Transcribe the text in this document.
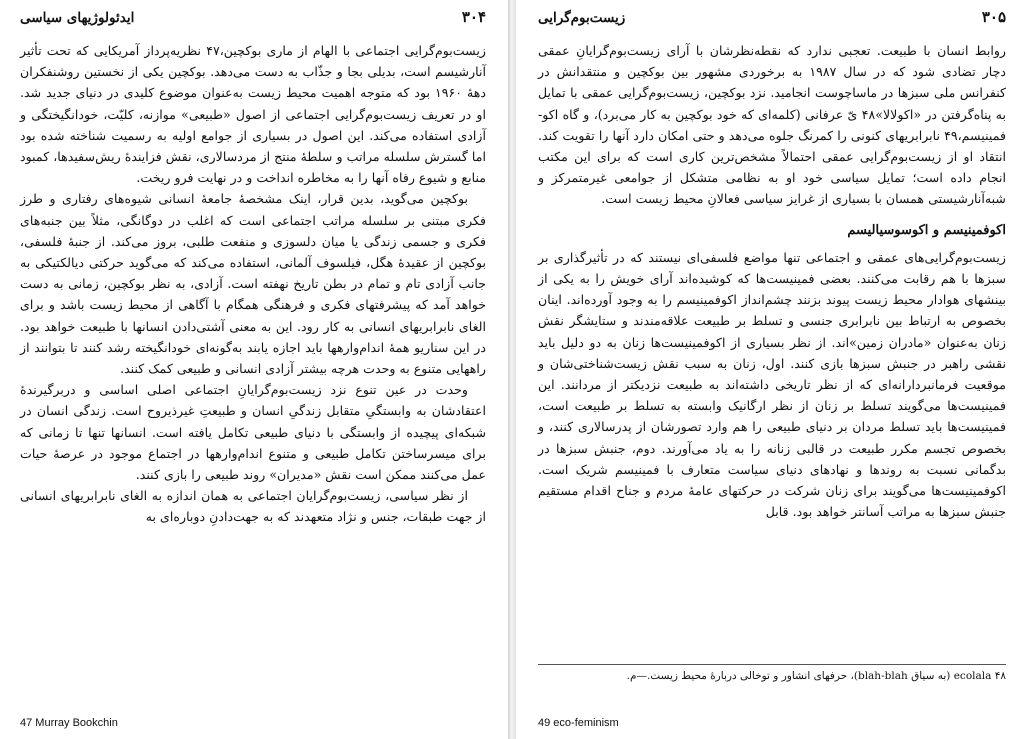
۳۰۴
ایدئولوژیهای سیاسی

زیست‌بوم‌گرایی اجتماعی با الهام از ماری بوکچین،۴۷ نظریه‌پرداز آمریکایی که تحت تأثیر آنارشیسم است، بدیلی بجا و جذّاب به دست می‌دهد. بوکچین یکی از نخستین روشنفکران دههٔ ۱۹۶۰ بود که متوجه اهمیت محیط زیست به‌عنوان موضوع کلیدی در دنیای جدید شد. او در تعریف زیست‌بوم‌گرایی اجتماعی از اصول «طبیعی» موازنه، کلیّت، خودانگیختگی و آزادی استفاده می‌کند. این اصول در بسیاری از جوامع اولیه به رسمیت شناخته شده بود اما گسترش سلسله مراتب و سلطهٔ منتج از مردسالاری، نقش فزایندهٔ ریش‌سفیدها، کمبود منابع و شیوع رفاه آنها را به مخاطره انداخت و در نهایت فرو ریخت.

بوکچین می‌گوید، بدین قرار، اینک مشخصهٔ جامعهٔ انسانی شیوه‌های رفتاری و طرز فکری مبتنی بر سلسله مراتب اجتماعی است که اغلب در دوگانگی، مثلاً بین جنبه‌های فکری و جسمی زندگی یا میان دلسوزی و منفعت طلبی، بروز می‌کند. از جنبهٔ فلسفی، بوکچین از عقیدهٔ هگل، فیلسوف آلمانی، استفاده می‌کند که می‌گوید حرکتی دیالکتیکی به جانب آزادی تام و تمام در بطن تاریخ نهفته است. آزادی، به نظر بوکچین، زمانی به دست خواهد آمد که پیشرفتهای فکری و فرهنگی همگام با آگاهی از محیط زیست باشد و برای الغای نابرابریهای انسانی به کار رود. این به معنی آشتی‌دادن انسانها با طبیعت خواهد بود. در این سناریو همهٔ اندام‌وارهها باید اجازه یابند به‌گونه‌ای خودانگیخته رشد کنند تا بتوانند از راههایی متنوع به وحدت هرچه بیشتر آزادی انسانی و طبیعی کمک کنند.

وحدت در عین تنوع نزد زیست‌بوم‌گرایانِ اجتماعی اصلی اساسی و دربرگیرندهٔ اعتقادشان به وابستگیِ متقابل زندگیِ انسان و طبیعتِ غیرذیروح است. زندگی انسان در شبکه‌ای پیچیده از وابستگی با دنیای طبیعی تکامل یافته است. انسانها تنها تا زمانی که برای میسرساختن تکامل طبیعی و متنوع اندام‌وارهها در اجتماع موجود در عرصهٔ حیات عمل می‌کنند ممکن است نقش «مدیران» روند طبیعی را بازی کنند.

از نظر سیاسی، زیست‌بوم‌گرایان اجتماعی به همان اندازه به الغای نابرابریهای انسانی از جهت طبقات، جنس و نژاد متعهدند که به جهت‌دادنِ دوباره‌ای به

47 Murray Bookchin
۳۰۵
زیست‌بوم‌گرایی

روابط انسان با طبیعت. تعجبی ندارد که نقطه‌نظرشان با آرای زیست‌بوم‌گرایانِ عمقی دچار تضادی شود که در سال ۱۹۸۷ به برخوردی مشهور بین بوکچین و منتقدانش در کنفرانس ملی سبزها در ماساچوست انجامید. نزد بوکچین، زیست‌بوم‌گرایی عمقی با تمایل به پناه‌گرفتن در «اکولالا»۴۸ یّ عرفانی (کلمه‌ای که خود بوکچین به کار می‌برد)، و گاه اکو-فمینیسم،۴۹ نابرابریهای کنونی را کمرنگ جلوه می‌دهد و حتی امکان دارد آنها را تقویت کند. انتقاد او از زیست‌بوم‌گرایی عمقی احتمالاً مشخص‌ترین کاری است که برای این مکتب انجام داده است؛ تمایل سیاسی خود او به نظامی متشکل از جوامعی غیرمتمرکز و شبه‌آنارشیستی همسان با بسیاری از غرایز سیاسی فعالانِ محیط زیست است.

اکوفمینیسم و اکوسوسیالیسم

زیست‌بوم‌گرایی‌های عمقی و اجتماعی تنها مواضع فلسفی‌ای نیستند که در تأثیرگذاری بر سبزها با هم رقابت می‌کنند. بعضی فمینیست‌ها که کوشیده‌اند آرای خویش را به یکی از بینشهای هوادار محیط زیست پیوند بزنند چشم‌انداز اکوفمینیسم را به وجود آورده‌اند. اینان بخصوص به ارتباط بین نابرابری جنسی و تسلط بر طبیعت علاقه‌مندند و ستایشگر نقش زنان به‌عنوان «مادران زمین»اند. از نظر بسیاری از اکوفمینیست‌ها زنان به دو دلیل باید نقشی راهبر در جنبش سبزها بازی کنند. اول، زنان به سبب نقش زیست‌شناختی‌شان و موقعیت فرمانبردارانه‌ای که از نظر تاریخی داشته‌اند به طبیعت نزدیکتر از مردانند. این فمینیست‌ها می‌گویند تسلط بر زنان از نظر ارگانیک وابسته به تسلط بر طبیعت است، فمینیست‌ها باید تسلط مردان بر دنیای طبیعی را هم وارد تصورشان از پدرسالاری کنند، و بخصوص تجسم مکرر طبیعت در قالبی زنانه را به یاد می‌آورند. دوم، جنبش سبزها در بدگمانی نسبت به روندها و نهادهای دنیای سیاست متعارف با فمینیسم شریک است. اکوفمینیست‌ها می‌گویند برای زنان شرکت در حرکتهای عامهٔ مردم و جناح اقدام مستقیم جنبش سبزها به مراتب آسانتر خواهد بود. قابل

۴۸ ecolala (به سیاق blah-blah)، حرفهای انشاور و توخالی دربارهٔ محیط زیست.—م.
49 eco-feminism
